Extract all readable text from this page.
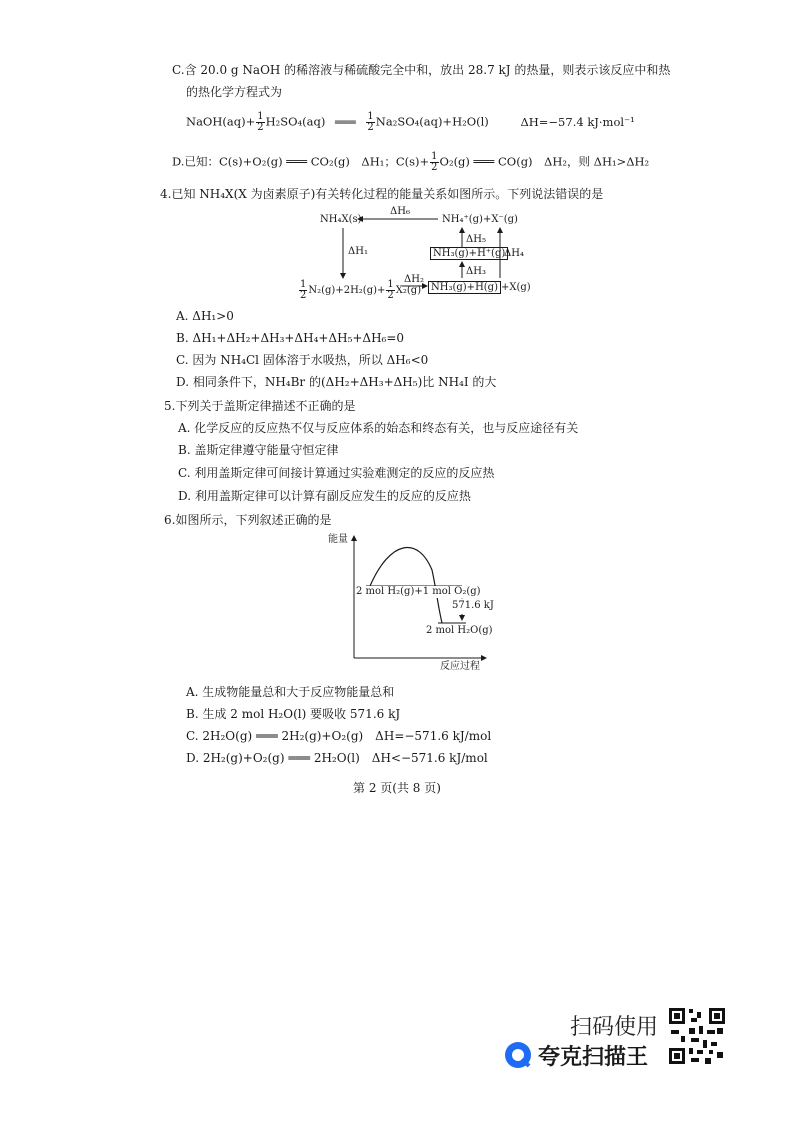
C.含 20.0 g NaOH 的稀溶液与稀硫酸完全中和，放出 28.7 kJ 的热量，则表示该反应中和热
的热化学方程式为
NaOH(aq)+ $\frac{1}{2} H_2SO_4(aq)$ ═══ $\frac{1}{2} Na_2SO_4(aq)+H_2O(l)$	ΔH=−57.4 kJ·mol⁻¹
D.已知：C(s)+O₂(g) ═══ CO₂(g)　ΔH₁；$C(s)+ \frac{1}{2} O_2(g)$ ═══ CO(g)　ΔH₂，则 ΔH₁>ΔH₂
4.已知 NH₄X(X 为卤素原子)有关转化过程的能量关系如图所示。下列说法错误的是
NH₄X(s)
ΔH₆
NH₄⁺(g)+X⁻(g)
ΔH₁
ΔH₅
ΔH₄
NH₃(g)+H⁺(g)
ΔH₃
$\frac{1}{2} N_2(g)+2H_2(g)+ \frac{1}{2} X_2(g)$
ΔH₂
NH₃(g)+H(g) +X(g)
A. ΔH₁>0
B. ΔH₁+ΔH₂+ΔH₃+ΔH₄+ΔH₅+ΔH₆=0
C. 因为 NH₄Cl 固体溶于水吸热，所以 ΔH₆<0
D. 相同条件下，NH₄Br 的(ΔH₂+ΔH₃+ΔH₅)比 NH₄I 的大
5.下列关于盖斯定律描述不正确的是
A. 化学反应的反应热不仅与反应体系的始态和终态有关，也与反应途径有关
B. 盖斯定律遵守能量守恒定律
C. 利用盖斯定律可间接计算通过实验难测定的反应的反应热
D. 利用盖斯定律可以计算有副反应发生的反应的反应热
6.如图所示，下列叙述正确的是
能量
2 mol H₂(g)+1 mol O₂(g)
571.6 kJ
2 mol H₂O(g)
反应过程
A. 生成物能量总和大于反应物能量总和
B. 生成 2 mol H₂O(l) 要吸收 571.6 kJ
C. 2H₂O(g) ═══ 2H₂(g)+O₂(g)　ΔH=−571.6 kJ/mol
D. 2H₂(g)+O₂(g) ═══ 2H₂O(l)　ΔH<−571.6 kJ/mol
第 2 页(共 8 页)
扫码使用
夸克扫描王
